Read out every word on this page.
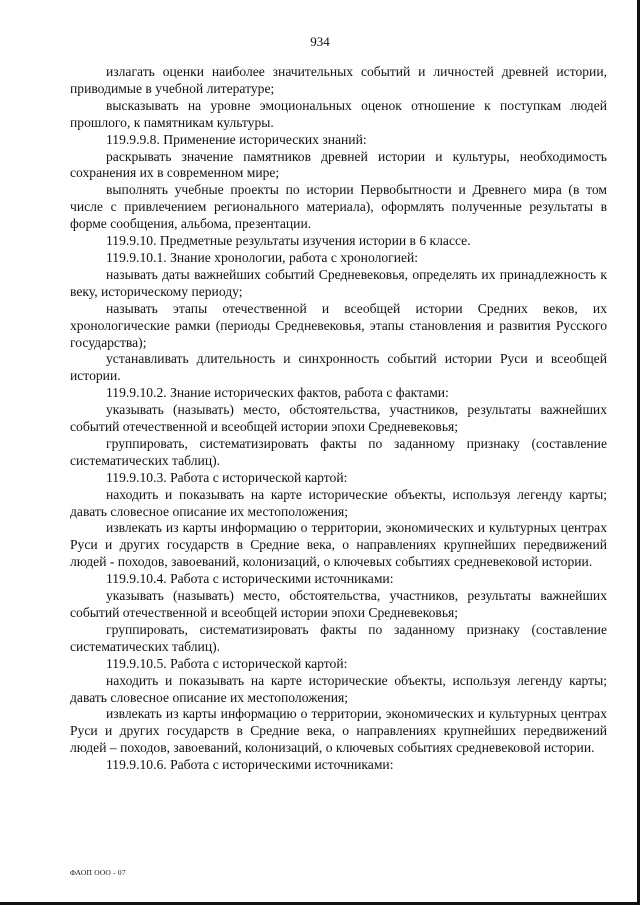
934

излагать оценки наиболее значительных событий и личностей древней истории, приводимые в учебной литературе;

высказывать на уровне эмоциональных оценок отношение к поступкам людей прошлого, к памятникам культуры.

119.9.9.8. Применение исторических знаний:

раскрывать значение памятников древней истории и культуры, необходимость сохранения их в современном мире;

выполнять учебные проекты по истории Первобытности и Древнего мира (в том числе с привлечением регионального материала), оформлять полученные результаты в форме сообщения, альбома, презентации.

119.9.10. Предметные результаты изучения истории в 6 классе.

119.9.10.1. Знание хронологии, работа с хронологией:

называть даты важнейших событий Средневековья, определять их принадлежность к веку, историческому периоду;

называть этапы отечественной и всеобщей истории Средних веков, их хронологические рамки (периоды Средневековья, этапы становления и развития Русского государства);

устанавливать длительность и синхронность событий истории Руси и всеобщей истории.

119.9.10.2. Знание исторических фактов, работа с фактами:

указывать (называть) место, обстоятельства, участников, результаты важнейших событий отечественной и всеобщей истории эпохи Средневековья;

группировать, систематизировать факты по заданному признаку (составление систематических таблиц).

119.9.10.3. Работа с исторической картой:

находить и показывать на карте исторические объекты, используя легенду карты; давать словесное описание их местоположения;

извлекать из карты информацию о территории, экономических и культурных центрах Руси и других государств в Средние века, о направлениях крупнейших передвижений людей - походов, завоеваний, колонизаций, о ключевых событиях средневековой истории.

119.9.10.4. Работа с историческими источниками:

указывать (называть) место, обстоятельства, участников, результаты важнейших событий отечественной и всеобщей истории эпохи Средневековья;

группировать, систематизировать факты по заданному признаку (составление систематических таблиц).

119.9.10.5. Работа с исторической картой:

находить и показывать на карте исторические объекты, используя легенду карты; давать словесное описание их местоположения;

извлекать из карты информацию о территории, экономических и культурных центрах Руси и других государств в Средние века, о направлениях крупнейших передвижений людей – походов, завоеваний, колонизаций, о ключевых событиях средневековой истории.

119.9.10.6. Работа с историческими источниками:

ФАОП ООО - 07
